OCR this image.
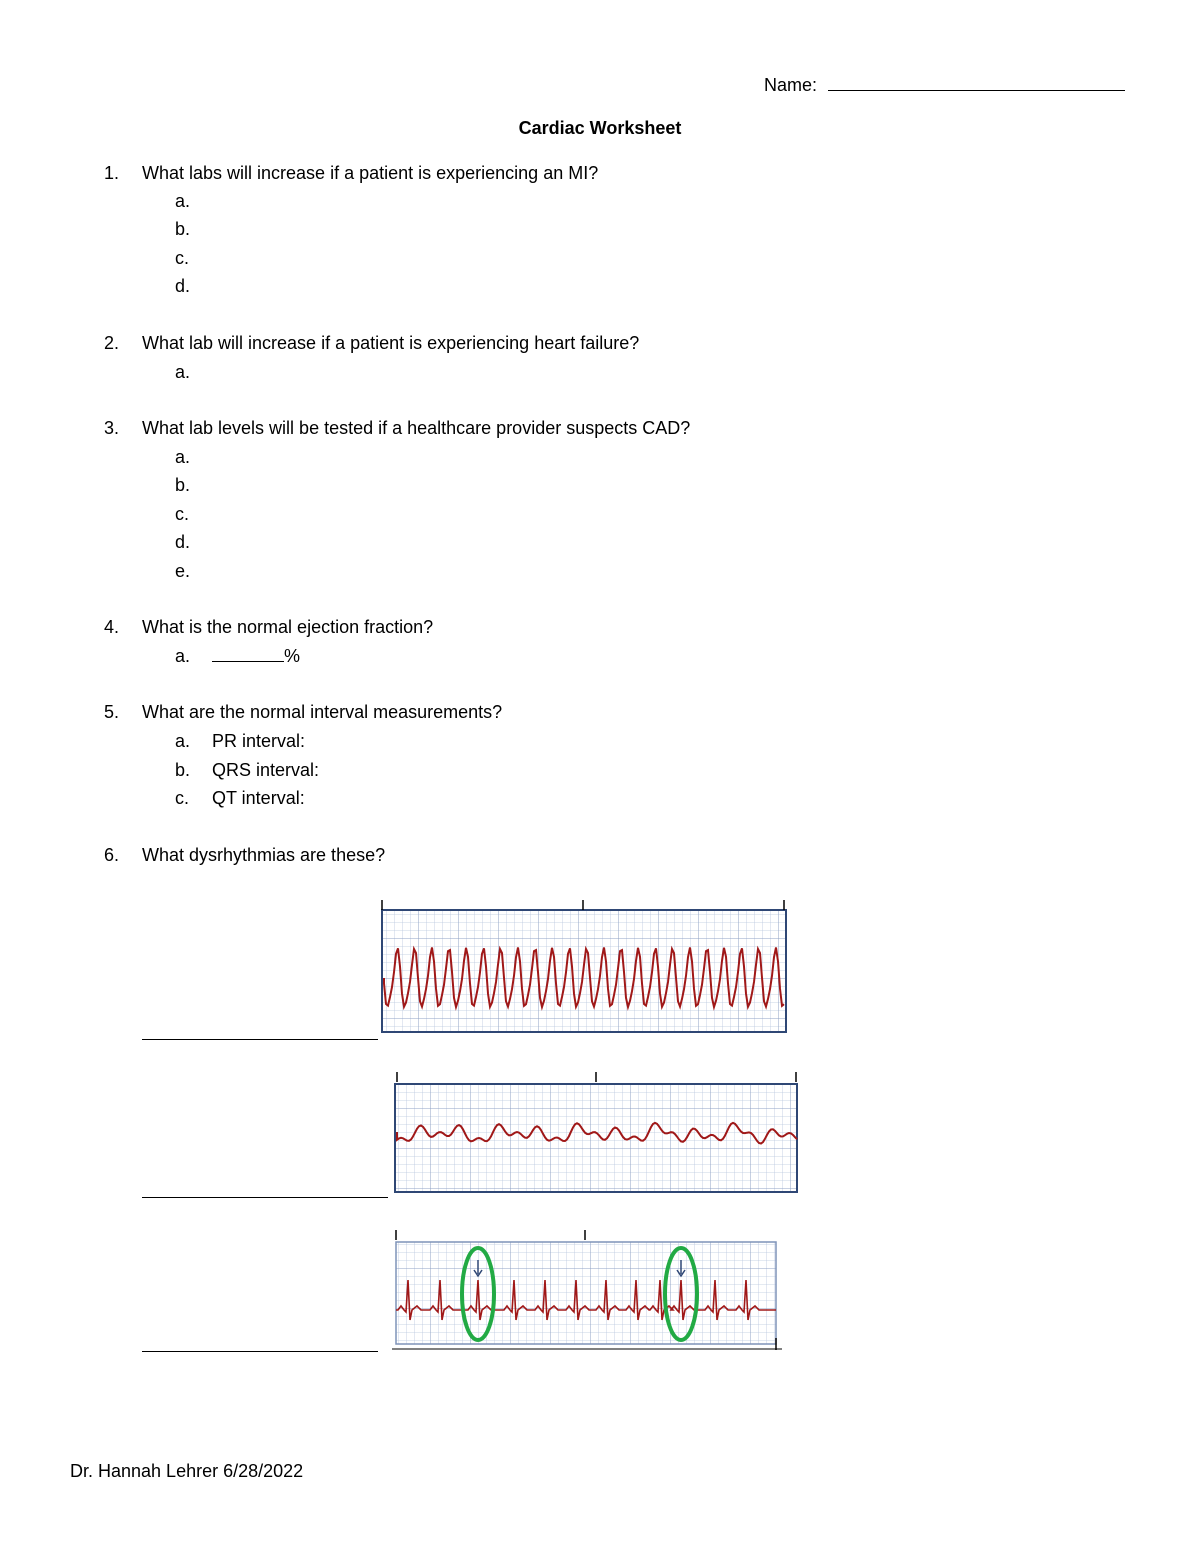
Name:
Cardiac Worksheet
1. What labs will increase if a patient is experiencing an MI?
a.
b.
c.
d.
2. What lab will increase if a patient is experiencing heart failure?
a.
3. What lab levels will be tested if a healthcare provider suspects CAD?
a.
b.
c.
d.
e.
4. What is the normal ejection fraction?
a.	%
5. What are the normal interval measurements?
a. PR interval:
b. QRS interval:
c. QT interval:
6. What dysrhythmias are these?
Dr. Hannah Lehrer 6/28/2022
